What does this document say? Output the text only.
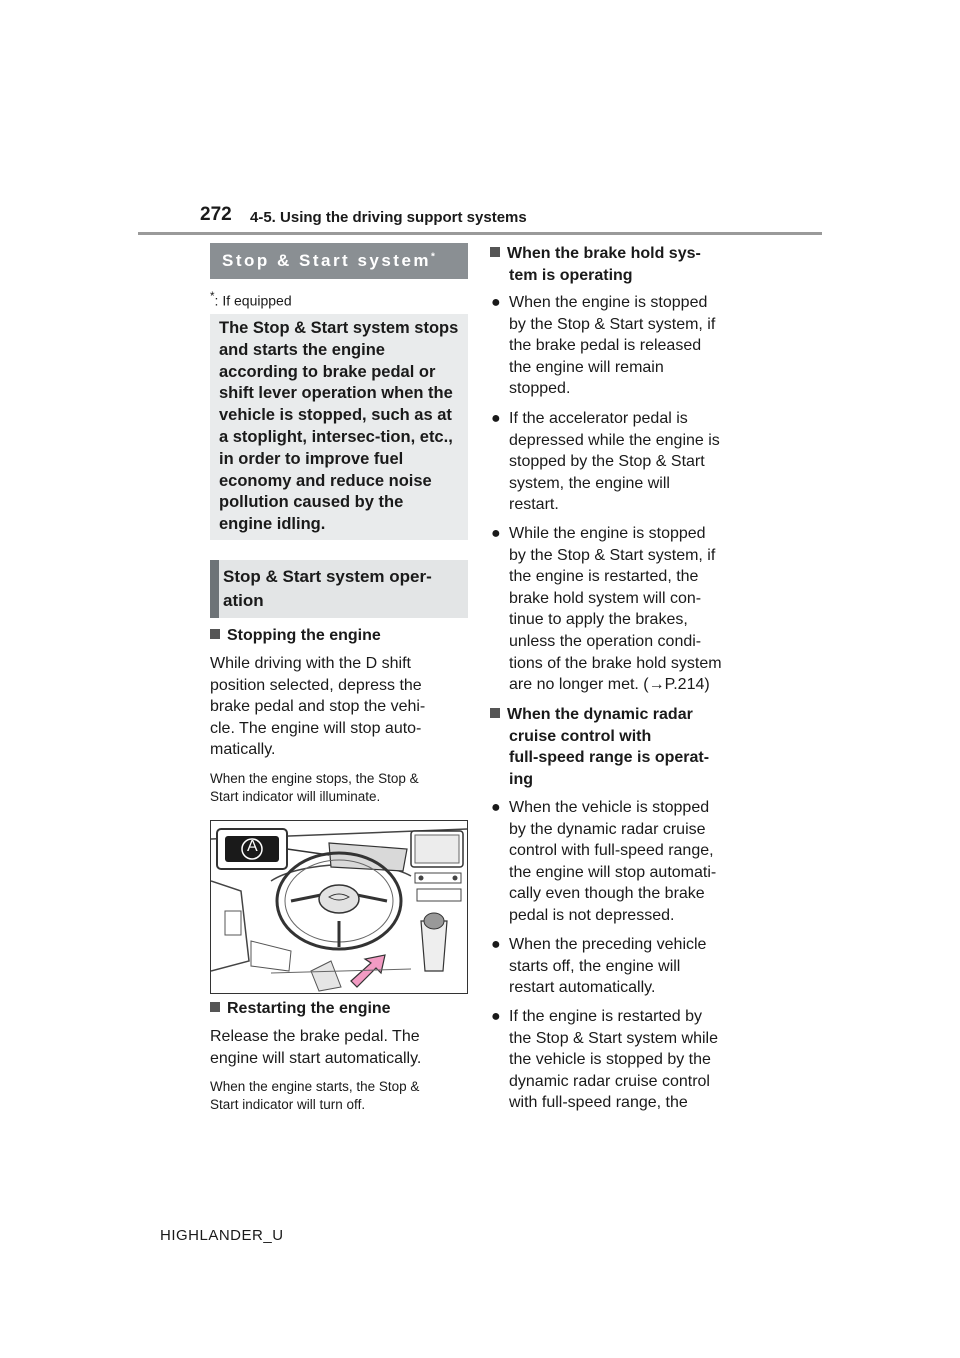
272 4-5. Using the driving support systems
Stop & Start system*
*: If equipped
The Stop & Start system stops and starts the engine according to brake pedal or shift lever operation when the vehicle is stopped, such as at a stoplight, intersec-tion, etc., in order to improve fuel economy and reduce noise pollution caused by the engine idling.
Stop & Start system oper-
ation
Stopping the engine
While driving with the D shift
position selected, depress the
brake pedal and stop the vehi-
cle. The engine will stop auto-
matically.
When the engine stops, the Stop &
Start indicator will illuminate.
A
Restarting the engine
Release the brake pedal. The
engine will start automatically.
When the engine starts, the Stop &
Start indicator will turn off.
When the brake hold sys-
tem is operating
● When the engine is stopped
by the Stop & Start system, if
the brake pedal is released
the engine will remain
stopped.
● If the accelerator pedal is
depressed while the engine is
stopped by the Stop & Start
system, the engine will
restart.
● While the engine is stopped
by the Stop & Start system, if
the engine is restarted, the
brake hold system will con-
tinue to apply the brakes,
unless the operation condi-
tions of the brake hold system
are no longer met. (→P.214)
When the dynamic radar
cruise control with
full-speed range is operat-
ing
● When the vehicle is stopped
by the dynamic radar cruise
control with full-speed range,
the engine will stop automati-
cally even though the brake
pedal is not depressed.
● When the preceding vehicle
starts off, the engine will
restart automatically.
● If the engine is restarted by
the Stop & Start system while
the vehicle is stopped by the
dynamic radar cruise control
with full-speed range, the
HIGHLANDER_U
